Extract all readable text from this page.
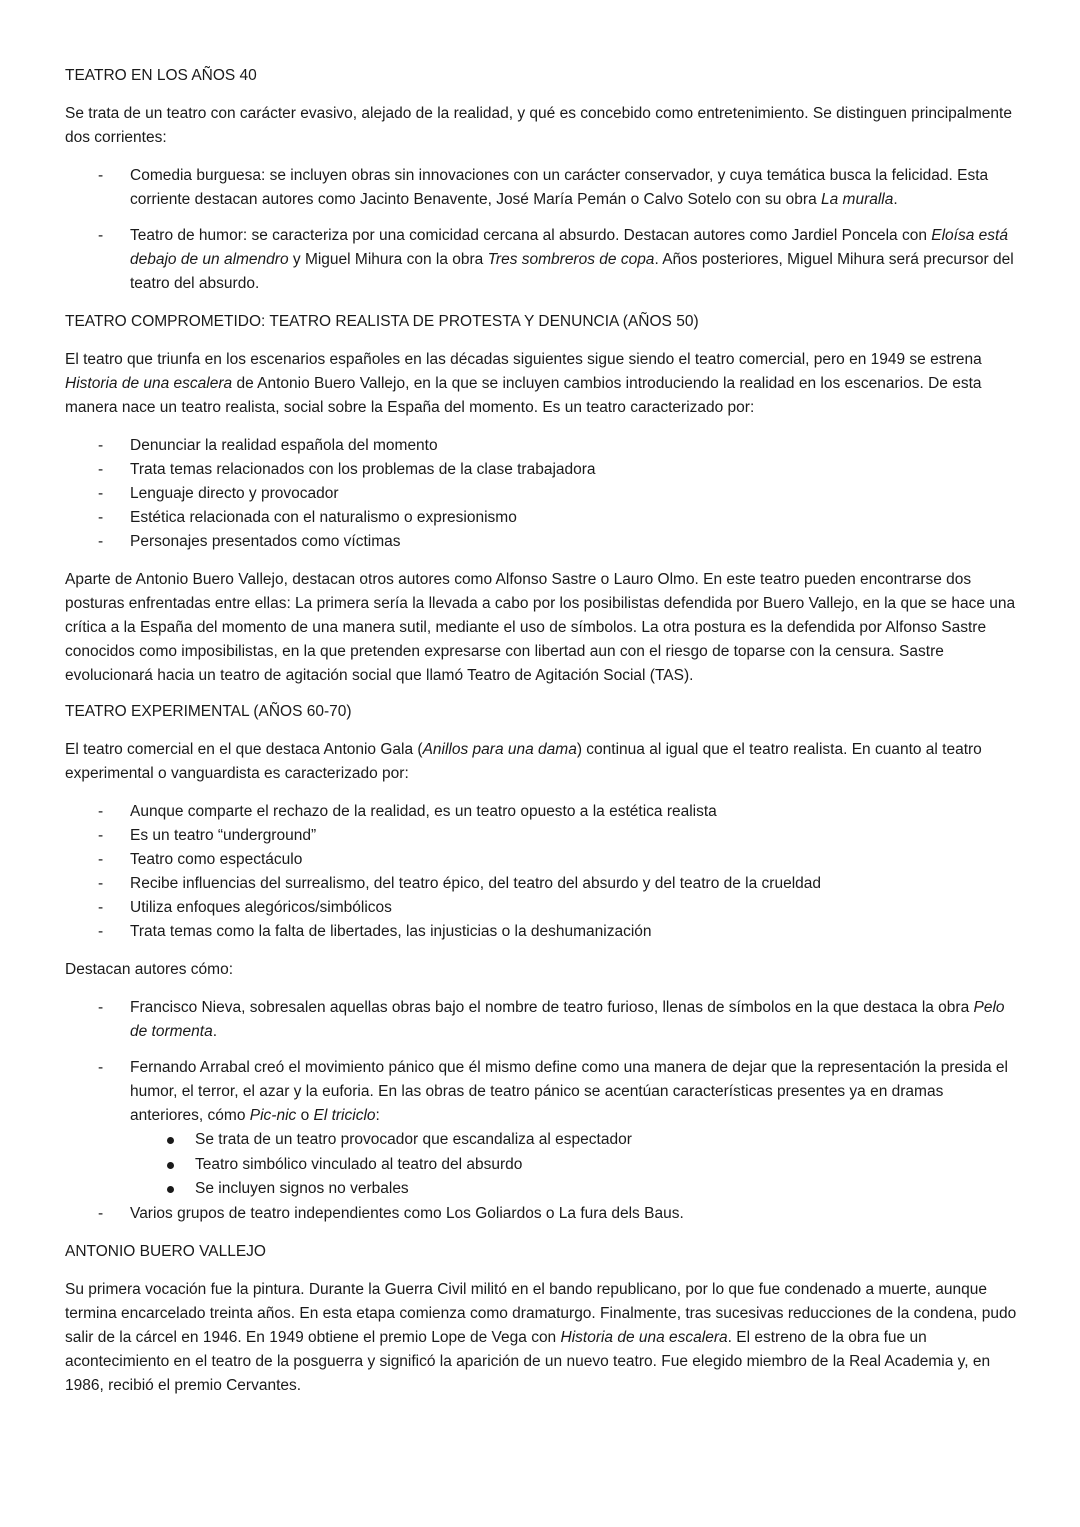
TEATRO EN LOS AÑOS 40

Se trata de un teatro con carácter evasivo, alejado de la realidad, y qué es concebido como entretenimiento. Se distinguen principalmente dos corrientes:

- Comedia burguesa: se incluyen obras sin innovaciones con un carácter conservador, y cuya temática busca la felicidad. Esta corriente destacan autores como Jacinto Benavente, José María Pemán o Calvo Sotelo con su obra La muralla.
- Teatro de humor: se caracteriza por una comicidad cercana al absurdo. Destacan autores como Jardiel Poncela con Eloísa está debajo de un almendro y Miguel Mihura con la obra Tres sombreros de copa. Años posteriores, Miguel Mihura será precursor del teatro del absurdo.
TEATRO COMPROMETIDO: TEATRO REALISTA DE PROTESTA Y DENUNCIA (AÑOS 50)

El teatro que triunfa en los escenarios españoles en las décadas siguientes sigue siendo el teatro comercial, pero en 1949 se estrena Historia de una escalera de Antonio Buero Vallejo, en la que se incluyen cambios introduciendo la realidad en los escenarios. De esta manera nace un teatro realista, social sobre la España del momento. Es un teatro caracterizado por:

- Denunciar la realidad española del momento
- Trata temas relacionados con los problemas de la clase trabajadora
- Lenguaje directo y provocador
- Estética relacionada con el naturalismo o expresionismo
- Personajes presentados como víctimas

Aparte de Antonio Buero Vallejo, destacan otros autores como Alfonso Sastre o Lauro Olmo. En este teatro pueden encontrarse dos posturas enfrentadas entre ellas: La primera sería la llevada a cabo por los posibilistas defendida por Buero Vallejo, en la que se hace una crítica a la España del momento de una manera sutil, mediante el uso de símbolos. La otra postura es la defendida por Alfonso Sastre conocidos como imposibilistas, en la que pretenden expresarse con libertad aun con el riesgo de toparse con la censura. Sastre evolucionará hacia un teatro de agitación social que llamó Teatro de Agitación Social (TAS).

TEATRO EXPERIMENTAL (AÑOS 60-70)

El teatro comercial en el que destaca Antonio Gala (Anillos para una dama) continua al igual que el teatro realista. En cuanto al teatro experimental o vanguardista es caracterizado por:

- Aunque comparte el rechazo de la realidad, es un teatro opuesto a la estética realista
- Es un teatro “underground”
- Teatro como espectáculo
- Recibe influencias del surrealismo, del teatro épico, del teatro del absurdo y del teatro de la crueldad
- Utiliza enfoques alegóricos/simbólicos
- Trata temas como la falta de libertades, las injusticias o la deshumanización

Destacan autores cómo:

- Francisco Nieva, sobresalen aquellas obras bajo el nombre de teatro furioso, llenas de símbolos en la que destaca la obra Pelo de tormenta.
- Fernando Arrabal creó el movimiento pánico que él mismo define como una manera de dejar que la representación la presida el humor, el terror, el azar y la euforia. En las obras de teatro pánico se acentúan características presentes ya en dramas anteriores, cómo Pic-nic o El triciclo:
Se trata de un teatro provocador que escandaliza al espectador
Teatro simbólico vinculado al teatro del absurdo
Se incluyen signos no verbales
- Varios grupos de teatro independientes como Los Goliardos o La fura dels Baus.
ANTONIO BUERO VALLEJO

Su primera vocación fue la pintura. Durante la Guerra Civil militó en el bando republicano, por lo que fue condenado a muerte, aunque termina encarcelado treinta años. En esta etapa comienza como dramaturgo. Finalmente, tras sucesivas reducciones de la condena, pudo salir de la cárcel en 1946. En 1949 obtiene el premio Lope de Vega con Historia de una escalera. El estreno de la obra fue un acontecimiento en el teatro de la posguerra y significó la aparición de un nuevo teatro. Fue elegido miembro de la Real Academia y, en 1986, recibió el premio Cervantes.
